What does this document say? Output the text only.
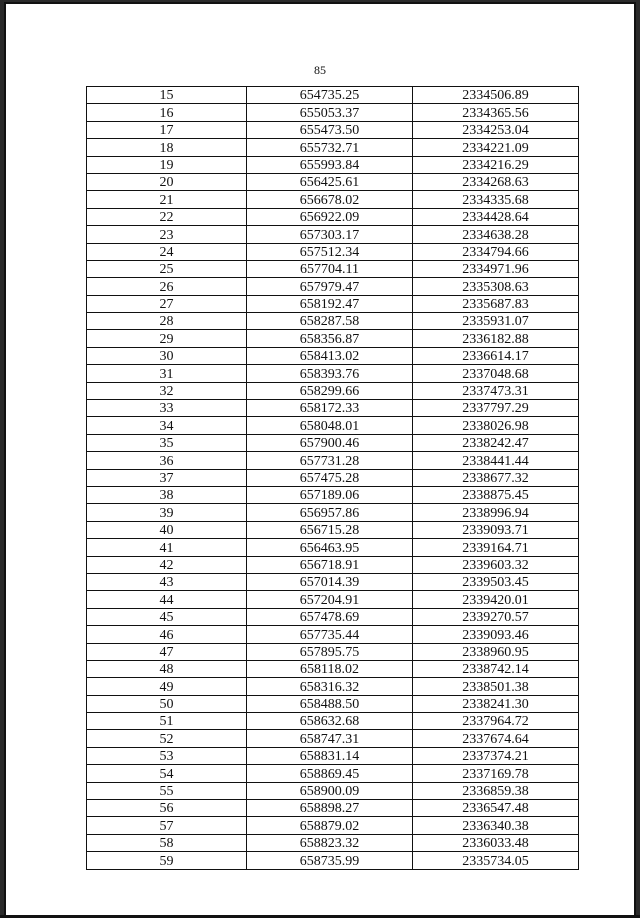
85
15	654735.25	2334506.89
16	655053.37	2334365.56
17	655473.50	2334253.04
18	655732.71	2334221.09
19	655993.84	2334216.29
20	656425.61	2334268.63
21	656678.02	2334335.68
22	656922.09	2334428.64
23	657303.17	2334638.28
24	657512.34	2334794.66
25	657704.11	2334971.96
26	657979.47	2335308.63
27	658192.47	2335687.83
28	658287.58	2335931.07
29	658356.87	2336182.88
30	658413.02	2336614.17
31	658393.76	2337048.68
32	658299.66	2337473.31
33	658172.33	2337797.29
34	658048.01	2338026.98
35	657900.46	2338242.47
36	657731.28	2338441.44
37	657475.28	2338677.32
38	657189.06	2338875.45
39	656957.86	2338996.94
40	656715.28	2339093.71
41	656463.95	2339164.71
42	656718.91	2339603.32
43	657014.39	2339503.45
44	657204.91	2339420.01
45	657478.69	2339270.57
46	657735.44	2339093.46
47	657895.75	2338960.95
48	658118.02	2338742.14
49	658316.32	2338501.38
50	658488.50	2338241.30
51	658632.68	2337964.72
52	658747.31	2337674.64
53	658831.14	2337374.21
54	658869.45	2337169.78
55	658900.09	2336859.38
56	658898.27	2336547.48
57	658879.02	2336340.38
58	658823.32	2336033.48
59	658735.99	2335734.05
